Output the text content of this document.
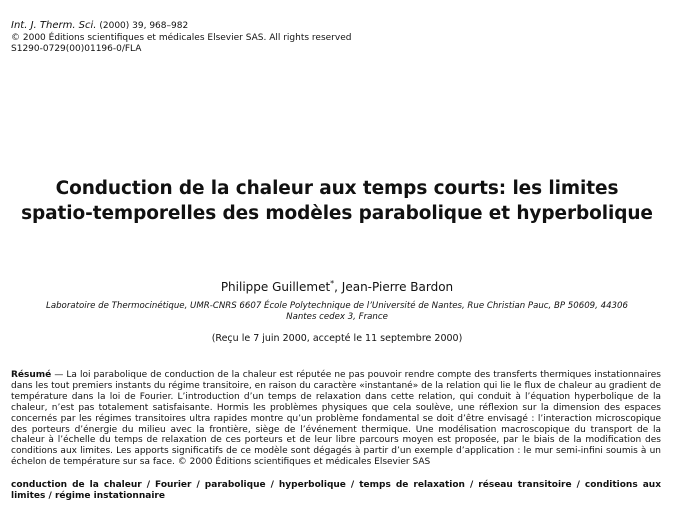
Int. J. Therm. Sci. (2000) 39, 968–982
© 2000 Éditions scientifiques et médicales Elsevier SAS. All rights reserved
S1290-0729(00)01196-0/FLA
Conduction de la chaleur aux temps courts: les limites spatio-temporelles des modèles parabolique et hyperbolique
Philippe Guillemet*, Jean-Pierre Bardon
Laboratoire de Thermocinétique, UMR-CNRS 6607 École Polytechnique de l’Université de Nantes, Rue Christian Pauc, BP 50609, 44306 Nantes cedex 3, France
(Reçu le 7 juin 2000, accepté le 11 septembre 2000)
Résumé — La loi parabolique de conduction de la chaleur est réputée ne pas pouvoir rendre compte des transferts thermiques instationnaires dans les tout premiers instants du régime transitoire, en raison du caractère «instantané» de la relation qui lie le flux de chaleur au gradient de température dans la loi de Fourier. L’introduction d’un temps de relaxation dans cette relation, qui conduit à l’équation hyperbolique de la chaleur, n’est pas totalement satisfaisante. Hormis les problèmes physiques que cela soulève, une réflexion sur la dimension des espaces concernés par les régimes transitoires ultra rapides montre qu’un problème fondamental se doit d’être envisagé : l’interaction microscopique des porteurs d’énergie du milieu avec la frontière, siège de l’événement thermique. Une modélisation macroscopique du transport de la chaleur à l’échelle du temps de relaxation de ces porteurs et de leur libre parcours moyen est proposée, par le biais de la modification des conditions aux limites. Les apports significatifs de ce modèle sont dégagés à partir d’un exemple d’application : le mur semi-infini soumis à un échelon de température sur sa face. © 2000 Éditions scientifiques et médicales Elsevier SAS
conduction de la chaleur / Fourier / parabolique / hyperbolique / temps de relaxation / réseau transitoire / conditions aux limites / régime instationnaire
